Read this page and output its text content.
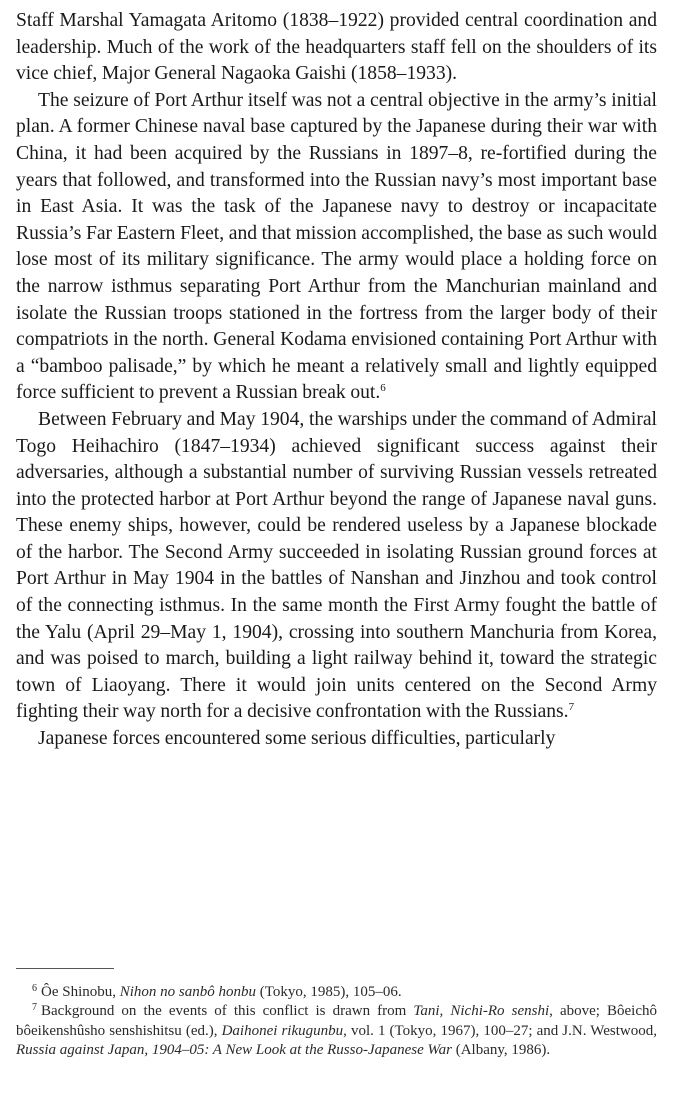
Staff Marshal Yamagata Aritomo (1838–1922) provided central coordination and leadership. Much of the work of the headquarters staff fell on the shoulders of its vice chief, Major General Nagaoka Gaishi (1858–1933).

The seizure of Port Arthur itself was not a central objective in the army’s initial plan. A former Chinese naval base captured by the Japanese during their war with China, it had been acquired by the Russians in 1897–8, re-fortified during the years that followed, and transformed into the Russian navy’s most important base in East Asia. It was the task of the Japanese navy to destroy or incapacitate Russia’s Far Eastern Fleet, and that mission accomplished, the base as such would lose most of its military significance. The army would place a holding force on the narrow isthmus separating Port Arthur from the Manchurian mainland and isolate the Russian troops stationed in the fortress from the larger body of their compatriots in the north. General Kodama envisioned containing Port Arthur with a “bamboo palisade,” by which he meant a relatively small and lightly equipped force sufficient to prevent a Russian break out.$^6$

Between February and May 1904, the warships under the command of Admiral Togo Heihachiro (1847–1934) achieved significant success against their adversaries, although a substantial number of surviving Russian vessels retreated into the protected harbor at Port Arthur beyond the range of Japanese naval guns. These enemy ships, however, could be rendered useless by a Japanese blockade of the harbor. The Second Army succeeded in isolating Russian ground forces at Port Arthur in May 1904 in the battles of Nanshan and Jinzhou and took control of the connecting isthmus. In the same month the First Army fought the battle of the Yalu (April 29–May 1, 1904), crossing into southern Manchuria from Korea, and was poised to march, building a light railway behind it, toward the strategic town of Liaoyang. There it would join units centered on the Second Army fighting their way north for a decisive confrontation with the Russians.$^7$

Japanese forces encountered some serious difficulties, particularly

$^6$ Ôe Shinobu, Nihon no sanbô honbu (Tokyo, 1985), 105–06.

$^7$ Background on the events of this conflict is drawn from Tani, Nichi-Ro senshi, above; Bôeichô bôeikenshûsho senshishitsu (ed.), Daihonei rikugunbu, vol. 1 (Tokyo, 1967), 100–27; and J.N. Westwood, Russia against Japan, 1904–05: A New Look at the Russo-Japanese War (Albany, 1986).
